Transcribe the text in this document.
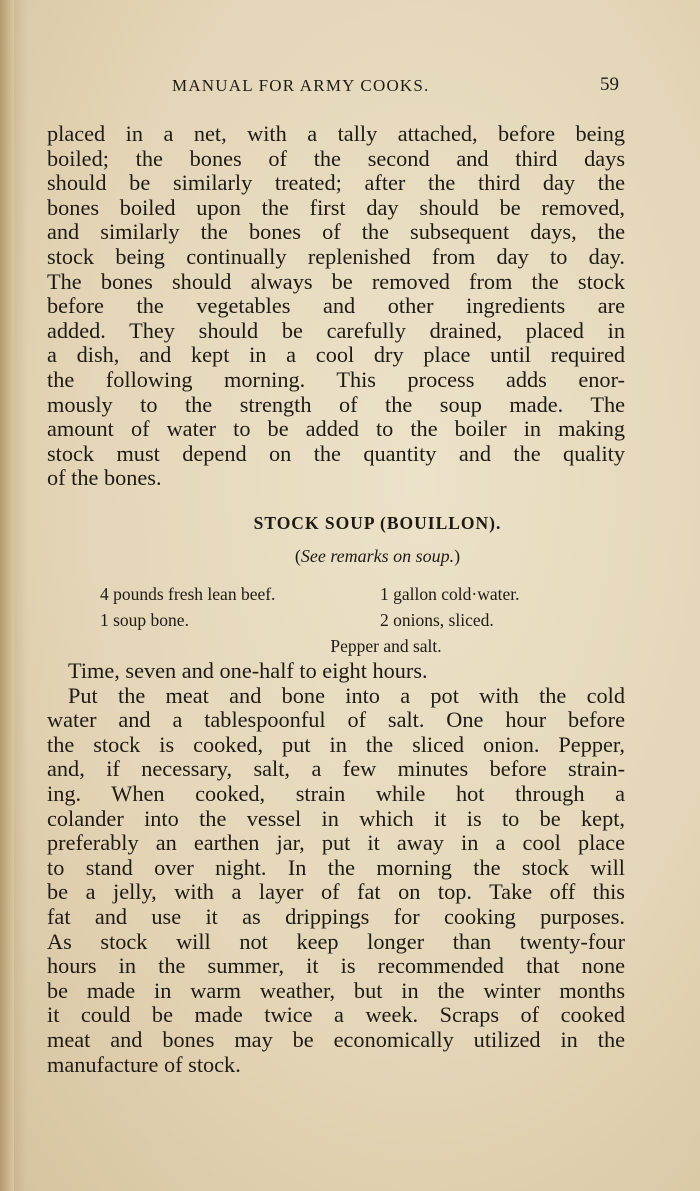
MANUAL FOR ARMY COOKS.	59
placed in a net, with a tally attached, before being
boiled; the bones of the second and third days
should be similarly treated; after the third day the
bones boiled upon the first day should be removed,
and similarly the bones of the subsequent days, the
stock being continually replenished from day to day.
The bones should always be removed from the stock
before the vegetables and other ingredients are
added. They should be carefully drained, placed in
a dish, and kept in a cool dry place until required
the following morning. This process adds enor-
mously to the strength of the soup made. The
amount of water to be added to the boiler in making
stock must depend on the quantity and the quality
of the bones.
STOCK SOUP (BOUILLON).
(See remarks on soup.)
4 pounds fresh lean beef.	1 gallon cold·water.
1 soup bone.	2 onions, sliced.
Pepper and salt.
Time, seven and one-half to eight hours.
Put the meat and bone into a pot with the cold
water and a tablespoonful of salt. One hour before
the stock is cooked, put in the sliced onion. Pepper,
and, if necessary, salt, a few minutes before strain-
ing. When cooked, strain while hot through a
colander into the vessel in which it is to be kept,
preferably an earthen jar, put it away in a cool place
to stand over night. In the morning the stock will
be a jelly, with a layer of fat on top. Take off this
fat and use it as drippings for cooking purposes.
As stock will not keep longer than twenty-four
hours in the summer, it is recommended that none
be made in warm weather, but in the winter months
it could be made twice a week. Scraps of cooked
meat and bones may be economically utilized in the
manufacture of stock.
